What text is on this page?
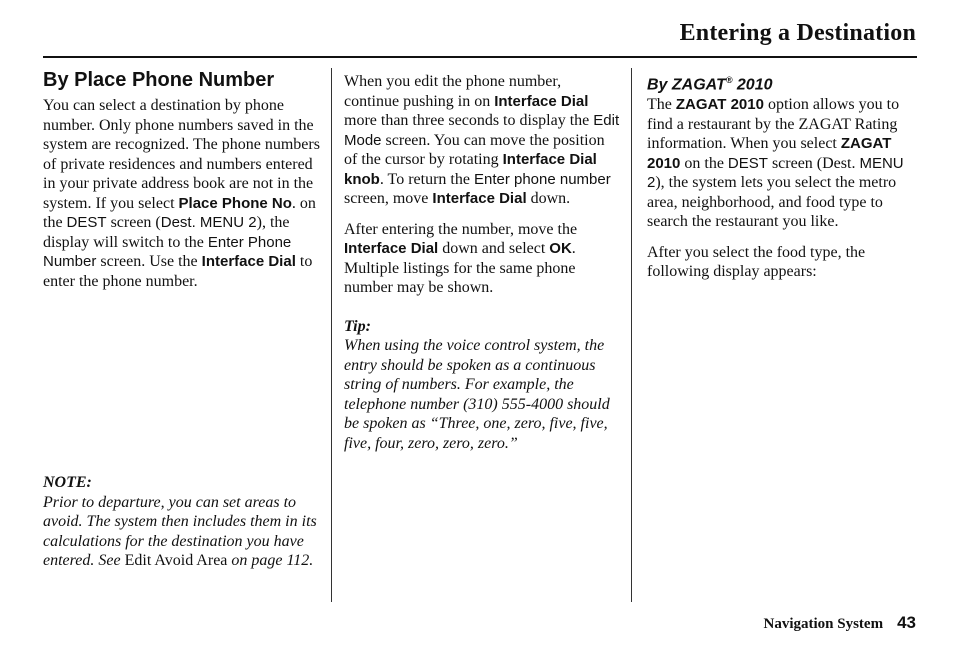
Entering a Destination
By Place Phone Number

You can select a destination by phone number. Only phone numbers saved in the system are recognized. The phone numbers of private residences and numbers entered in your private address book are not in the system. If you select Place Phone No. on the DEST screen (Dest. MENU 2), the display will switch to the Enter Phone Number screen. Use the Interface Dial to enter the phone number.

NOTE:
Prior to departure, you can set areas to avoid. The system then includes them in its calculations for the destination you have entered. See Edit Avoid Area on page 112.

When you edit the phone number, continue pushing in on Interface Dial more than three seconds to display the Edit Mode screen. You can move the position of the cursor by rotating Interface Dial knob. To return the Enter phone number screen, move Interface Dial down.

After entering the number, move the Interface Dial down and select OK. Multiple listings for the same phone number may be shown.

Tip:
When using the voice control system, the entry should be spoken as a continuous string of numbers. For example, the telephone number (310) 555-4000 should be spoken as “Three, one, zero, five, five, five, four, zero, zero, zero.”

By ZAGAT® 2010

The ZAGAT 2010 option allows you to find a restaurant by the ZAGAT Rating information. When you select ZAGAT 2010 on the DEST screen (Dest. MENU 2), the system lets you select the metro area, neighborhood, and food type to search the restaurant you like.

After you select the food type, the following display appears:

Navigation System 43
